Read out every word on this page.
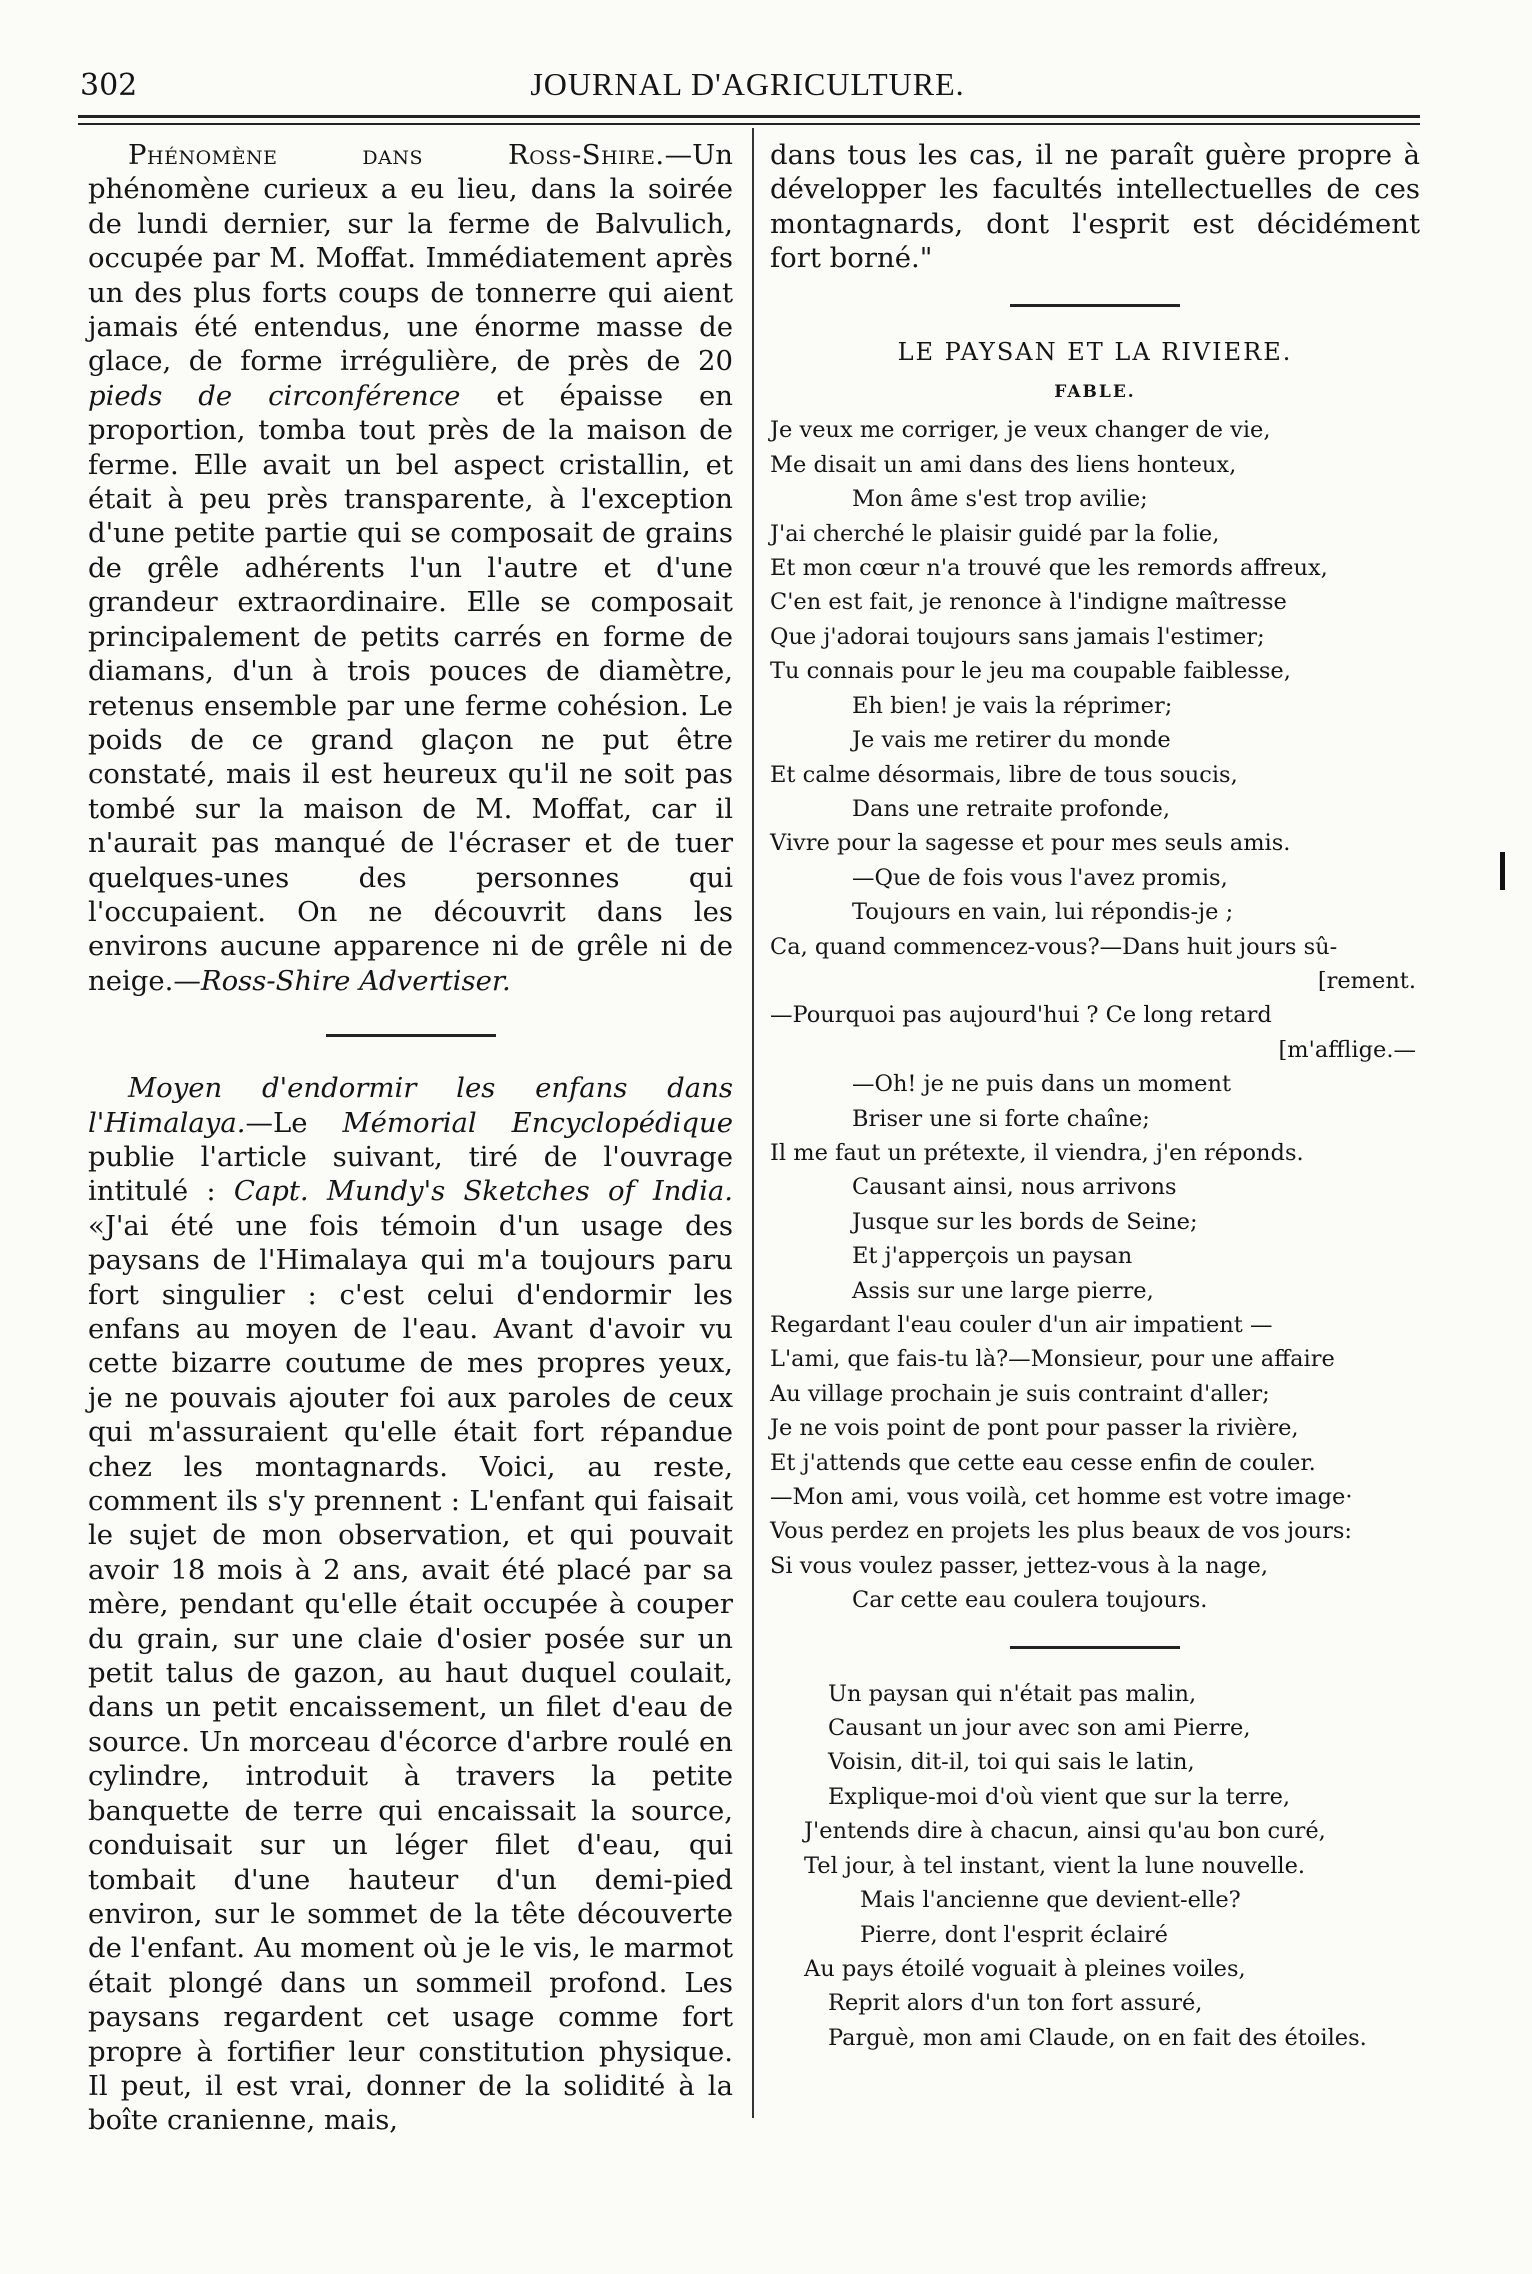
302	JOURNAL D'AGRICULTURE.

Phénomène dans Ross-Shire.—Un phénomène curieux a eu lieu, dans la soirée de lundi dernier, sur la ferme de Balvulich, occupée par M. Moffat. Immédiatement après un des plus forts coups de tonnerre qui aient jamais été entendus, une énorme masse de glace, de forme irrégulière, de près de 20 pieds de circonférence et épaisse en proportion, tomba tout près de la maison de ferme. Elle avait un bel aspect cristallin, et était à peu près transparente, à l'exception d'une petite partie qui se composait de grains de grêle adhérents l'un l'autre et d'une grandeur extraordinaire. Elle se composait principalement de petits carrés en forme de diamans, d'un à trois pouces de diamètre, retenus ensemble par une ferme cohésion. Le poids de ce grand glaçon ne put être constaté, mais il est heureux qu'il ne soit pas tombé sur la maison de M. Moffat, car il n'aurait pas manqué de l'écraser et de tuer quelques-unes des personnes qui l'occupaient. On ne découvrit dans les environs aucune apparence ni de grêle ni de neige.—Ross-Shire Advertiser.

Moyen d'endormir les enfans dans l'Himalaya.—Le Mémorial Encyclopédique publie l'article suivant, tiré de l'ouvrage intitulé : Capt. Mundy's Sketches of India. «J'ai été une fois témoin d'un usage des paysans de l'Himalaya qui m'a toujours paru fort singulier : c'est celui d'endormir les enfans au moyen de l'eau. Avant d'avoir vu cette bizarre coutume de mes propres yeux, je ne pouvais ajouter foi aux paroles de ceux qui m'assuraient qu'elle était fort répandue chez les montagnards. Voici, au reste, comment ils s'y prennent : L'enfant qui faisait le sujet de mon observation, et qui pouvait avoir 18 mois à 2 ans, avait été placé par sa mère, pendant qu'elle était occupée à couper du grain, sur une claie d'osier posée sur un petit talus de gazon, au haut duquel coulait, dans un petit encaissement, un filet d'eau de source. Un morceau d'écorce d'arbre roulé en cylindre, introduit à travers la petite banquette de terre qui encaissait la source, conduisait sur un léger filet d'eau, qui tombait d'une hauteur d'un demi-pied environ, sur le sommet de la tête découverte de l'enfant. Au moment où je le vis, le marmot était plongé dans un sommeil profond. Les paysans regardent cet usage comme fort propre à fortifier leur constitution physique. Il peut, il est vrai, donner de la solidité à la boîte cranienne, mais,

dans tous les cas, il ne paraît guère propre à développer les facultés intellectuelles de ces montagnards, dont l'esprit est décidément fort borné."

LE PAYSAN ET LA RIVIERE.
FABLE.

Je veux me corriger, je veux changer de vie,

Me disait un ami dans des liens honteux,

Mon âme s'est trop avilie;

J'ai cherché le plaisir guidé par la folie,

Et mon cœur n'a trouvé que les remords affreux,

C'en est fait, je renonce à l'indigne maîtresse

Que j'adorai toujours sans jamais l'estimer;

Tu connais pour le jeu ma coupable faiblesse,

Eh bien! je vais la réprimer;

Je vais me retirer du monde

Et calme désormais, libre de tous soucis,

Dans une retraite profonde,

Vivre pour la sagesse et pour mes seuls amis.

—Que de fois vous l'avez promis,

Toujours en vain, lui répondis-je ;

Ca, quand commencez-vous?—Dans huit jours sû-

[rement.

—Pourquoi pas aujourd'hui ? Ce long retard

[m'afflige.—

—Oh! je ne puis dans un moment

Briser une si forte chaîne;

Il me faut un prétexte, il viendra, j'en réponds.

Causant ainsi, nous arrivons

Jusque sur les bords de Seine;

Et j'apperçois un paysan

Assis sur une large pierre,

Regardant l'eau couler d'un air impatient —

L'ami, que fais-tu là?—Monsieur, pour une affaire

Au village prochain je suis contraint d'aller;

Je ne vois point de pont pour passer la rivière,

Et j'attends que cette eau cesse enfin de couler.

—Mon ami, vous voilà, cet homme est votre image·

Vous perdez en projets les plus beaux de vos jours:

Si vous voulez passer, jettez-vous à la nage,

Car cette eau coulera toujours.

Un paysan qui n'était pas malin,

Causant un jour avec son ami Pierre,

Voisin, dit-il, toi qui sais le latin,

Explique-moi d'où vient que sur la terre,

J'entends dire à chacun, ainsi qu'au bon curé,

Tel jour, à tel instant, vient la lune nouvelle.

Mais l'ancienne que devient-elle?

Pierre, dont l'esprit éclairé

Au pays étoilé voguait à pleines voiles,

Reprit alors d'un ton fort assuré,

Parguè, mon ami Claude, on en fait des étoiles.
